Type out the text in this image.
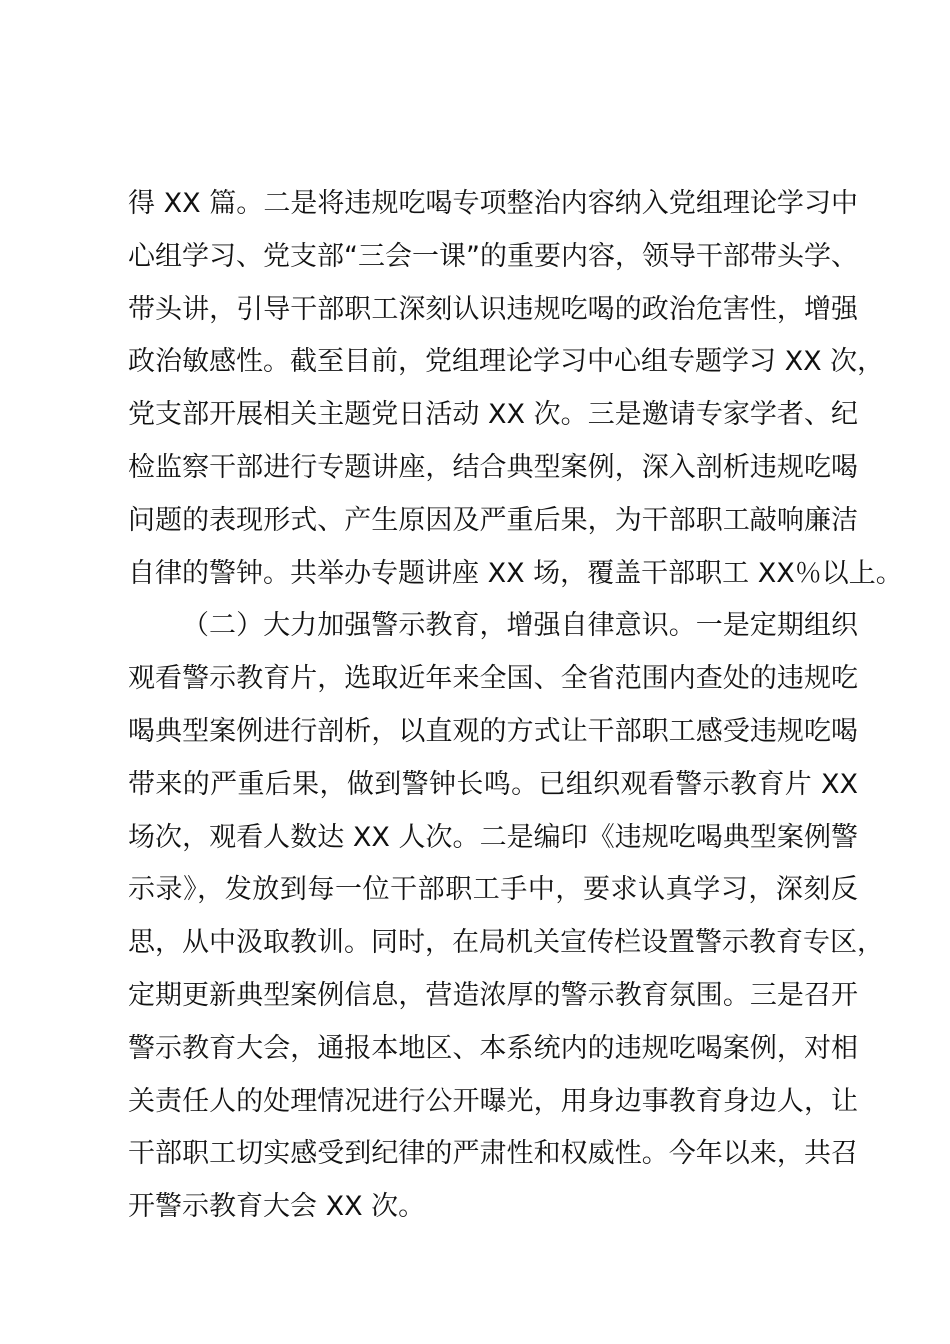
得 XX 篇。二是将违规吃喝专项整治内容纳入党组理论学习中
心组学习、党支部“三会一课”的重要内容，领导干部带头学、
带头讲，引导干部职工深刻认识违规吃喝的政治危害性，增强
政治敏感性。截至目前，党组理论学习中心组专题学习 XX 次，
党支部开展相关主题党日活动 XX 次。三是邀请专家学者、纪
检监察干部进行专题讲座，结合典型案例，深入剖析违规吃喝
问题的表现形式、产生原因及严重后果，为干部职工敲响廉洁
自律的警钟。共举办专题讲座 XX 场，覆盖干部职工 XX％以上。
（二）大力加强警示教育，增强自律意识。一是定期组织
观看警示教育片，选取近年来全国、全省范围内查处的违规吃
喝典型案例进行剖析，以直观的方式让干部职工感受违规吃喝
带来的严重后果，做到警钟长鸣。已组织观看警示教育片 XX
场次，观看人数达 XX 人次。二是编印《违规吃喝典型案例警
示录》，发放到每一位干部职工手中，要求认真学习，深刻反
思，从中汲取教训。同时，在局机关宣传栏设置警示教育专区，
定期更新典型案例信息，营造浓厚的警示教育氛围。三是召开
警示教育大会，通报本地区、本系统内的违规吃喝案例，对相
关责任人的处理情况进行公开曝光，用身边事教育身边人，让
干部职工切实感受到纪律的严肃性和权威性。今年以来，共召
开警示教育大会 XX 次。
